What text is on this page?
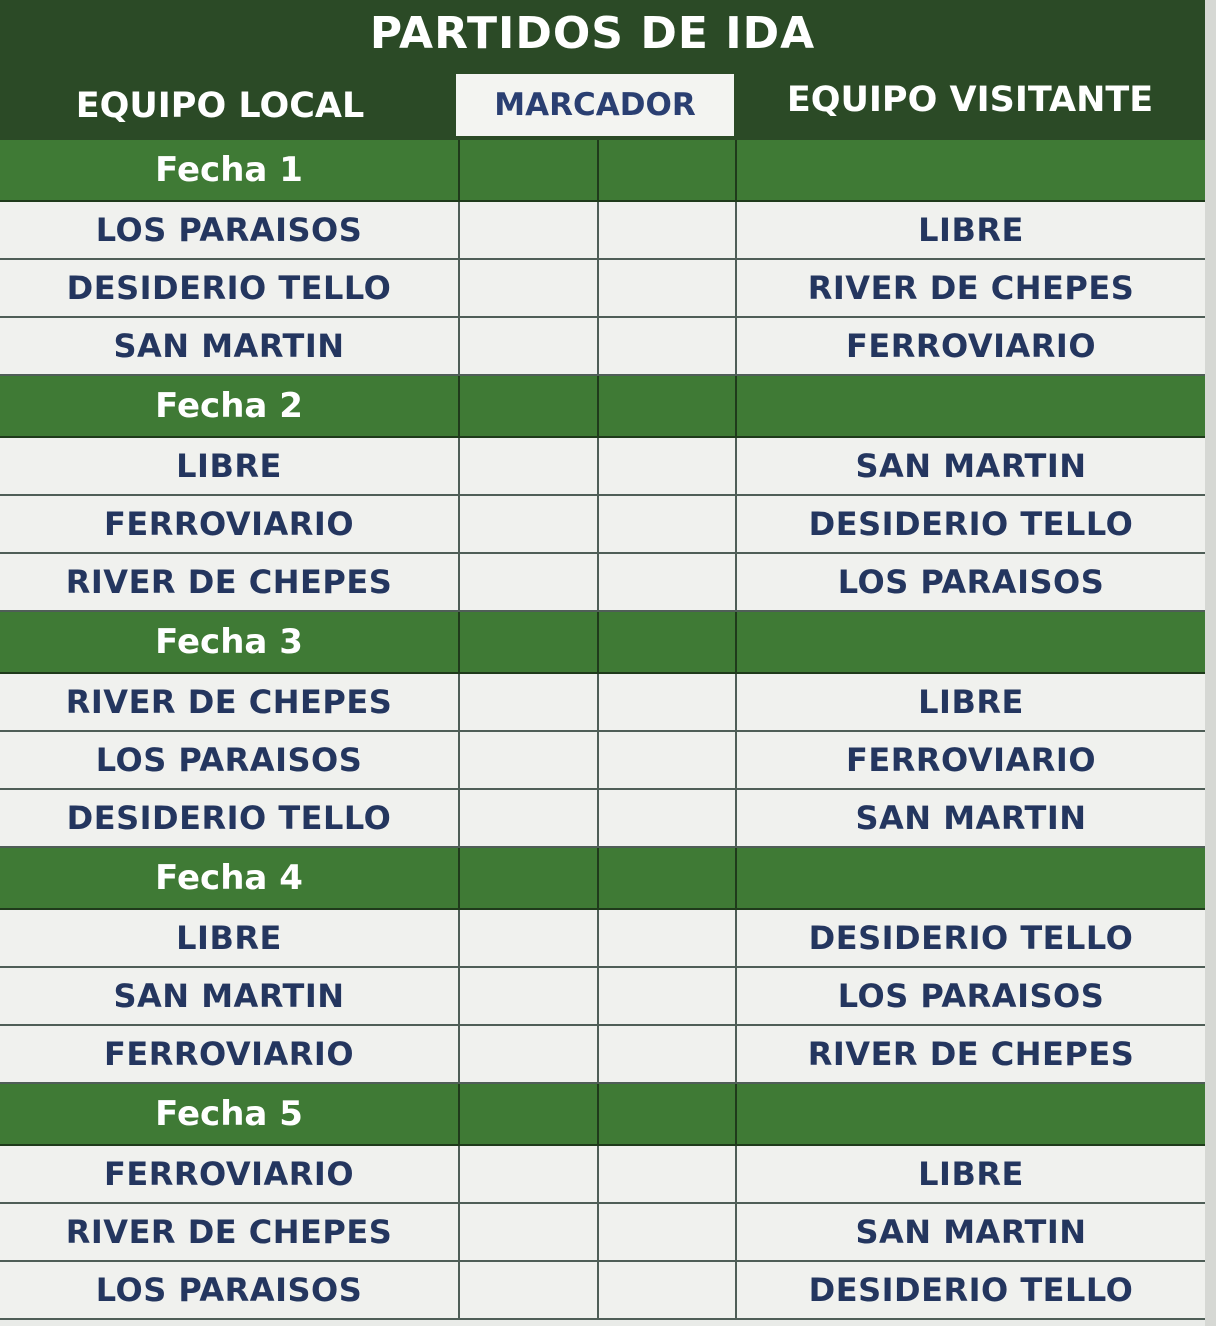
PARTIDOS DE IDA
EQUIPO LOCAL	MARCADOR	EQUIPO VISITANTE
Fecha 1
LOS PARAISOS	LIBRE
DESIDERIO TELLO	RIVER DE CHEPES
SAN MARTIN	FERROVIARIO
Fecha 2
LIBRE	SAN MARTIN
FERROVIARIO	DESIDERIO TELLO
RIVER DE CHEPES	LOS PARAISOS
Fecha 3
RIVER DE CHEPES	LIBRE
LOS PARAISOS	FERROVIARIO
DESIDERIO TELLO	SAN MARTIN
Fecha 4
LIBRE	DESIDERIO TELLO
SAN MARTIN	LOS PARAISOS
FERROVIARIO	RIVER DE CHEPES
Fecha 5
FERROVIARIO	LIBRE
RIVER DE CHEPES	SAN MARTIN
LOS PARAISOS	DESIDERIO TELLO
